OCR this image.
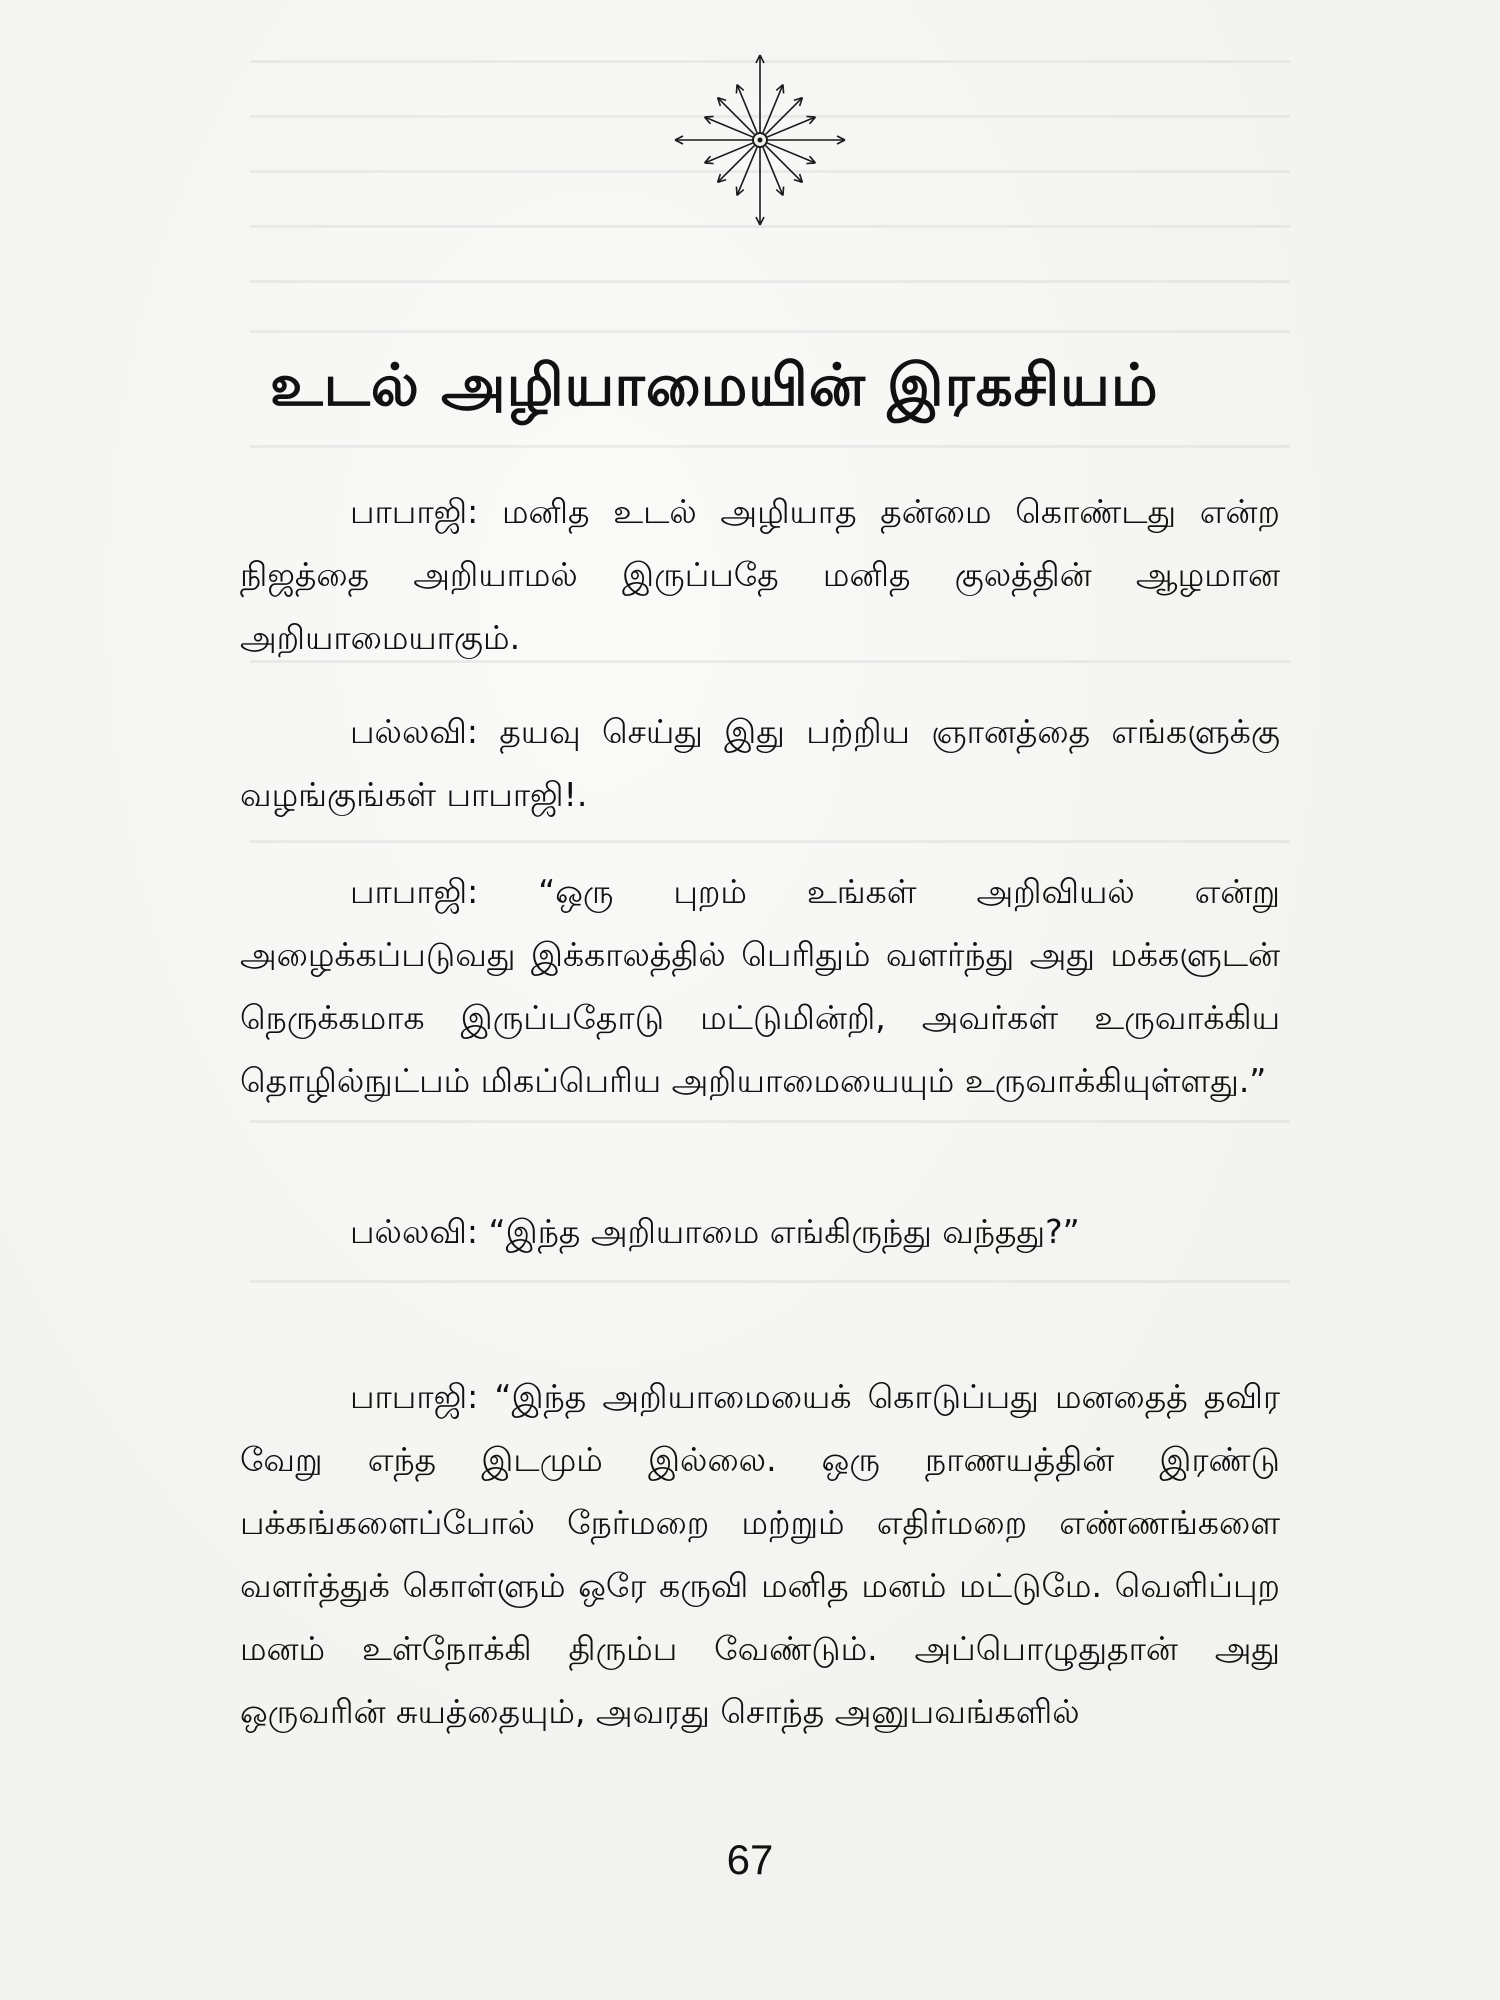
உடல் அழியாமையின் இரகசியம்

பாபாஜி: மனித உடல் அழியாத தன்மை கொண்டது என்ற நிஜத்தை அறியாமல் இருப்பதே மனித குலத்தின் ஆழமான அறியாமையாகும்.

பல்லவி: தயவு செய்து இது பற்றிய ஞானத்தை எங்களுக்கு வழங்குங்கள் பாபாஜி!.

பாபாஜி: “ஒரு புறம் உங்கள் அறிவியல் என்று அழைக்கப்படுவது இக்காலத்தில் பெரிதும் வளர்ந்து அது மக்களுடன் நெருக்கமாக இருப்பதோடு மட்டுமின்றி, அவர்கள் உருவாக்கிய தொழில்நுட்பம் மிகப்பெரிய அறியாமையையும் உருவாக்கியுள்ளது.”

பல்லவி: “இந்த அறியாமை எங்கிருந்து வந்தது?”

பாபாஜி: “இந்த அறியாமையைக் கொடுப்பது மனதைத் தவிர வேறு எந்த இடமும் இல்லை. ஒரு நாணயத்தின் இரண்டு பக்கங்களைப்போல் நேர்மறை மற்றும் எதிர்மறை எண்ணங்களை வளர்த்துக் கொள்ளும் ஒரே கருவி மனித மனம் மட்டுமே. வெளிப்புற மனம் உள்நோக்கி திரும்ப வேண்டும். அப்பொழுதுதான் அது ஒருவரின் சுயத்தையும், அவரது சொந்த அனுபவங்களில்

67
